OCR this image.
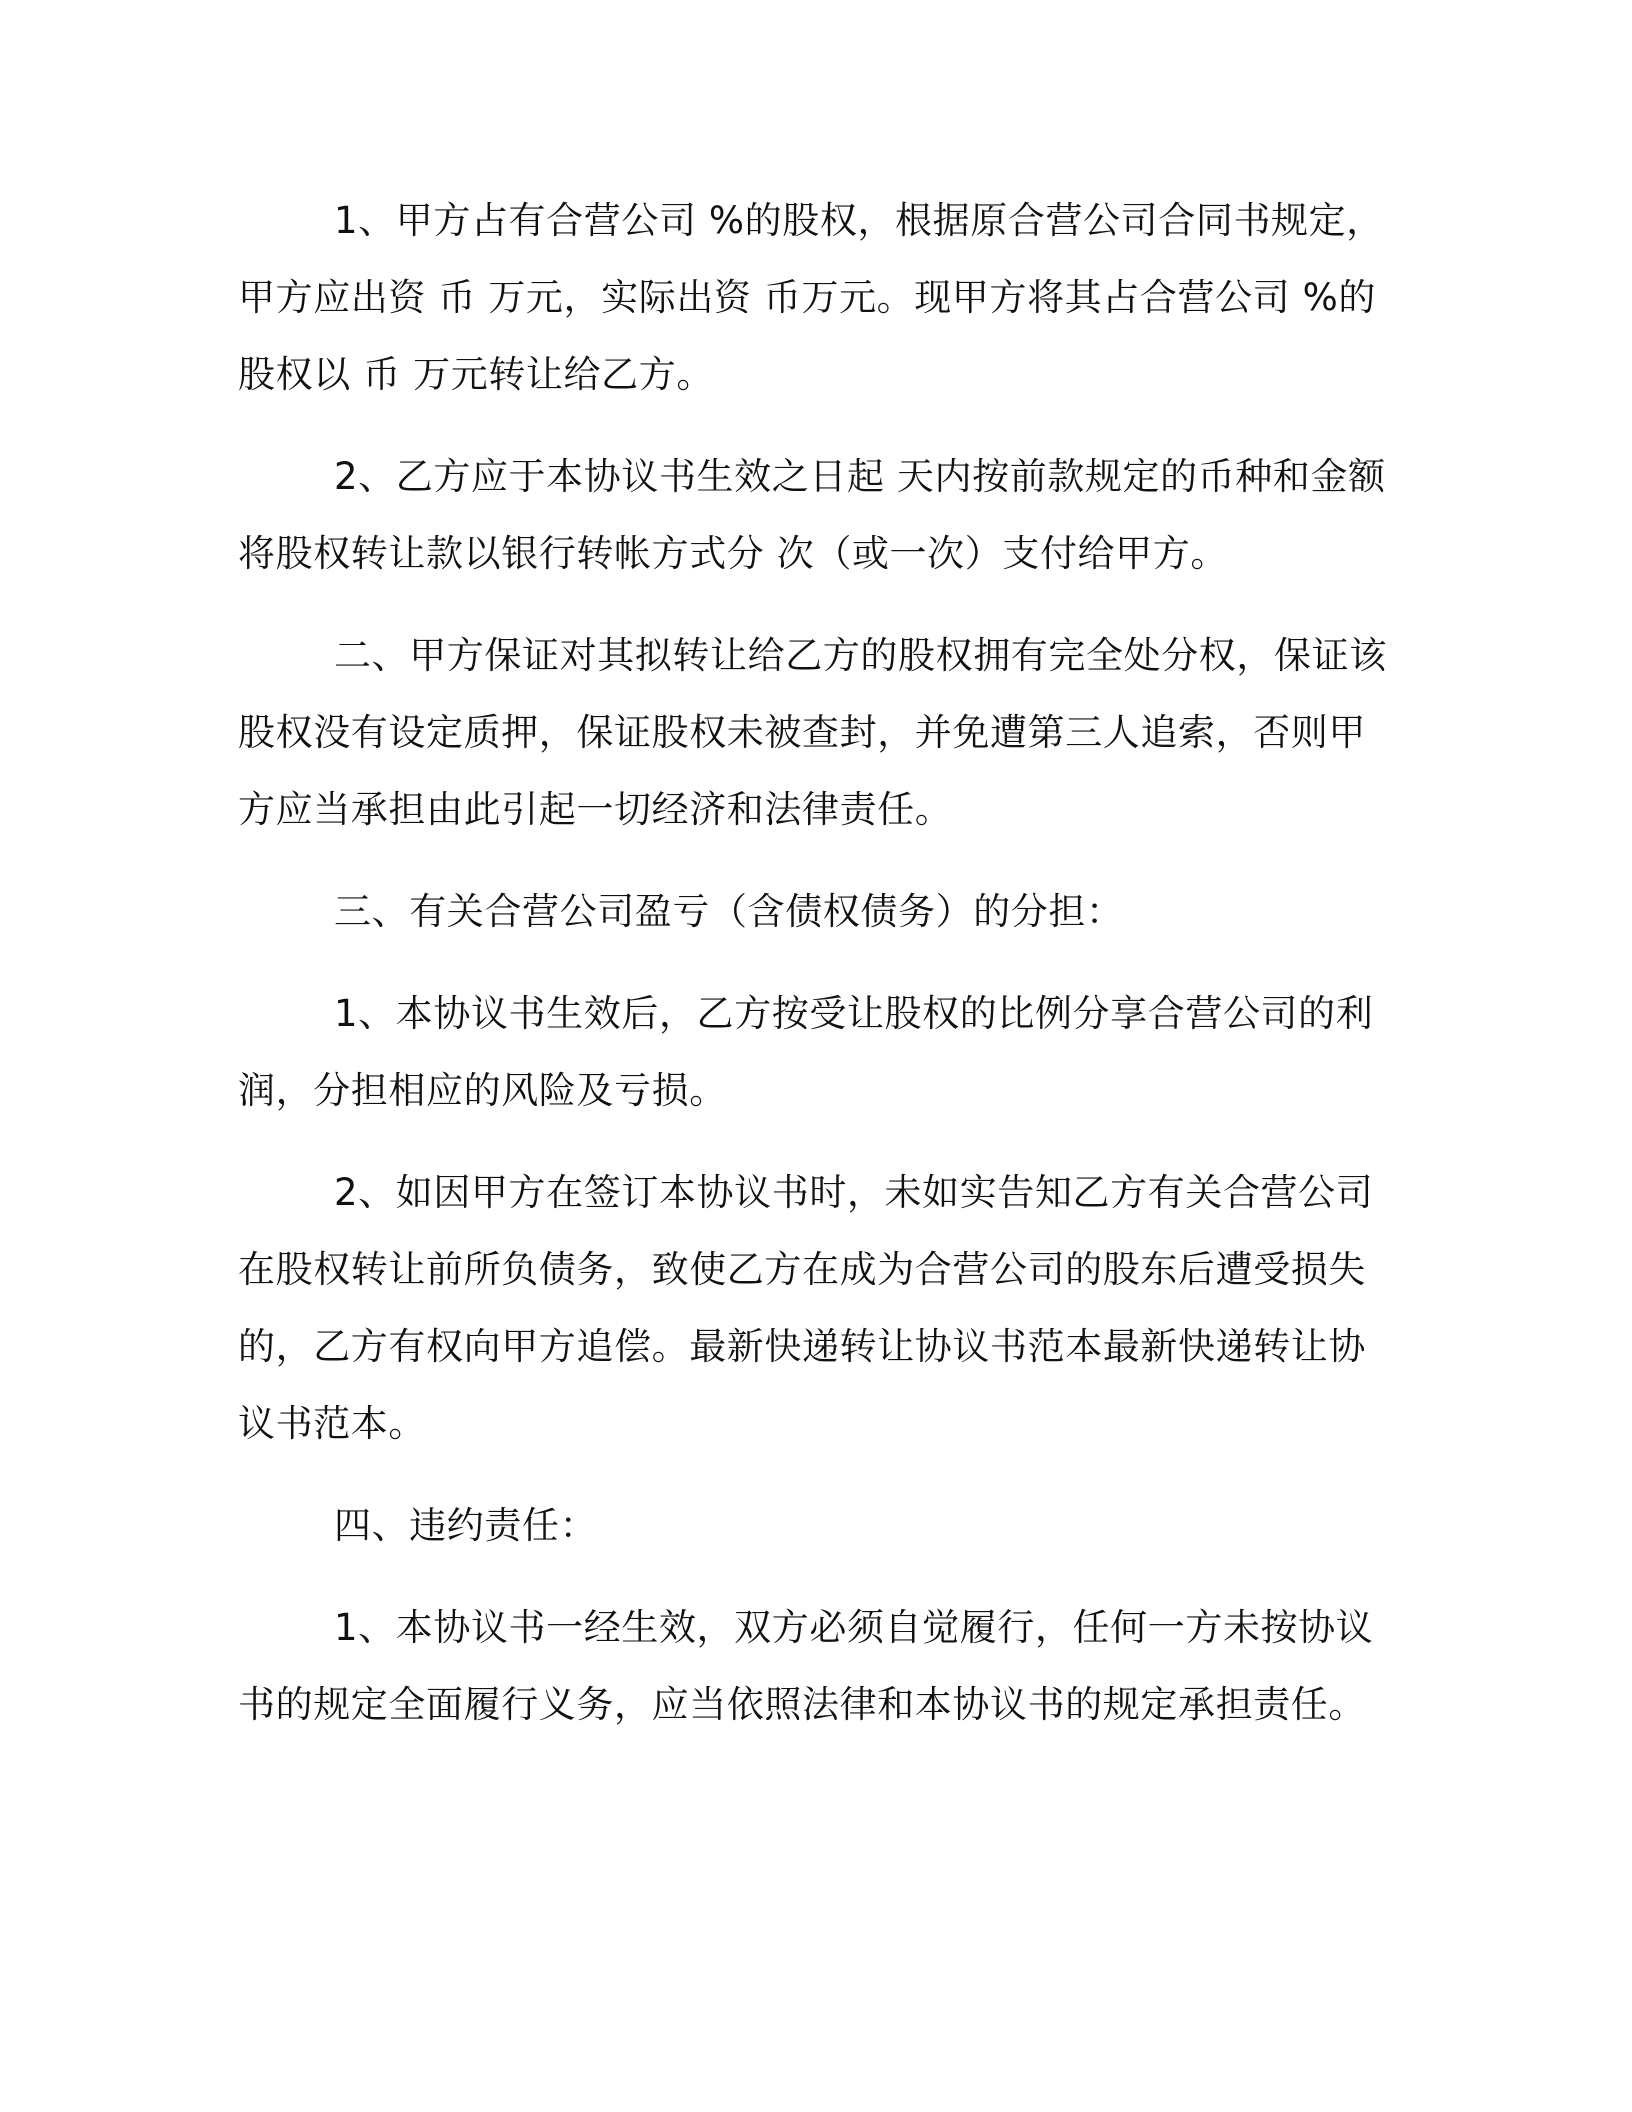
1、甲方占有合营公司 %的股权，根据原合营公司合同书规定，甲方应出资 币 万元，实际出资 币万元。现甲方将其占合营公司 %的股权以 币 万元转让给乙方。

2、乙方应于本协议书生效之日起 天内按前款规定的币种和金额将股权转让款以银行转帐方式分 次（或一次）支付给甲方。

二、甲方保证对其拟转让给乙方的股权拥有完全处分权，保证该股权没有设定质押，保证股权未被查封，并免遭第三人追索，否则甲方应当承担由此引起一切经济和法律责任。

三、有关合营公司盈亏（含债权债务）的分担：

1、本协议书生效后，乙方按受让股权的比例分享合营公司的利润，分担相应的风险及亏损。

2、如因甲方在签订本协议书时，未如实告知乙方有关合营公司在股权转让前所负债务，致使乙方在成为合营公司的股东后遭受损失的，乙方有权向甲方追偿。最新快递转让协议书范本最新快递转让协议书范本。

四、违约责任：

1、本协议书一经生效，双方必须自觉履行，任何一方未按协议书的规定全面履行义务，应当依照法律和本协议书的规定承担责任。
